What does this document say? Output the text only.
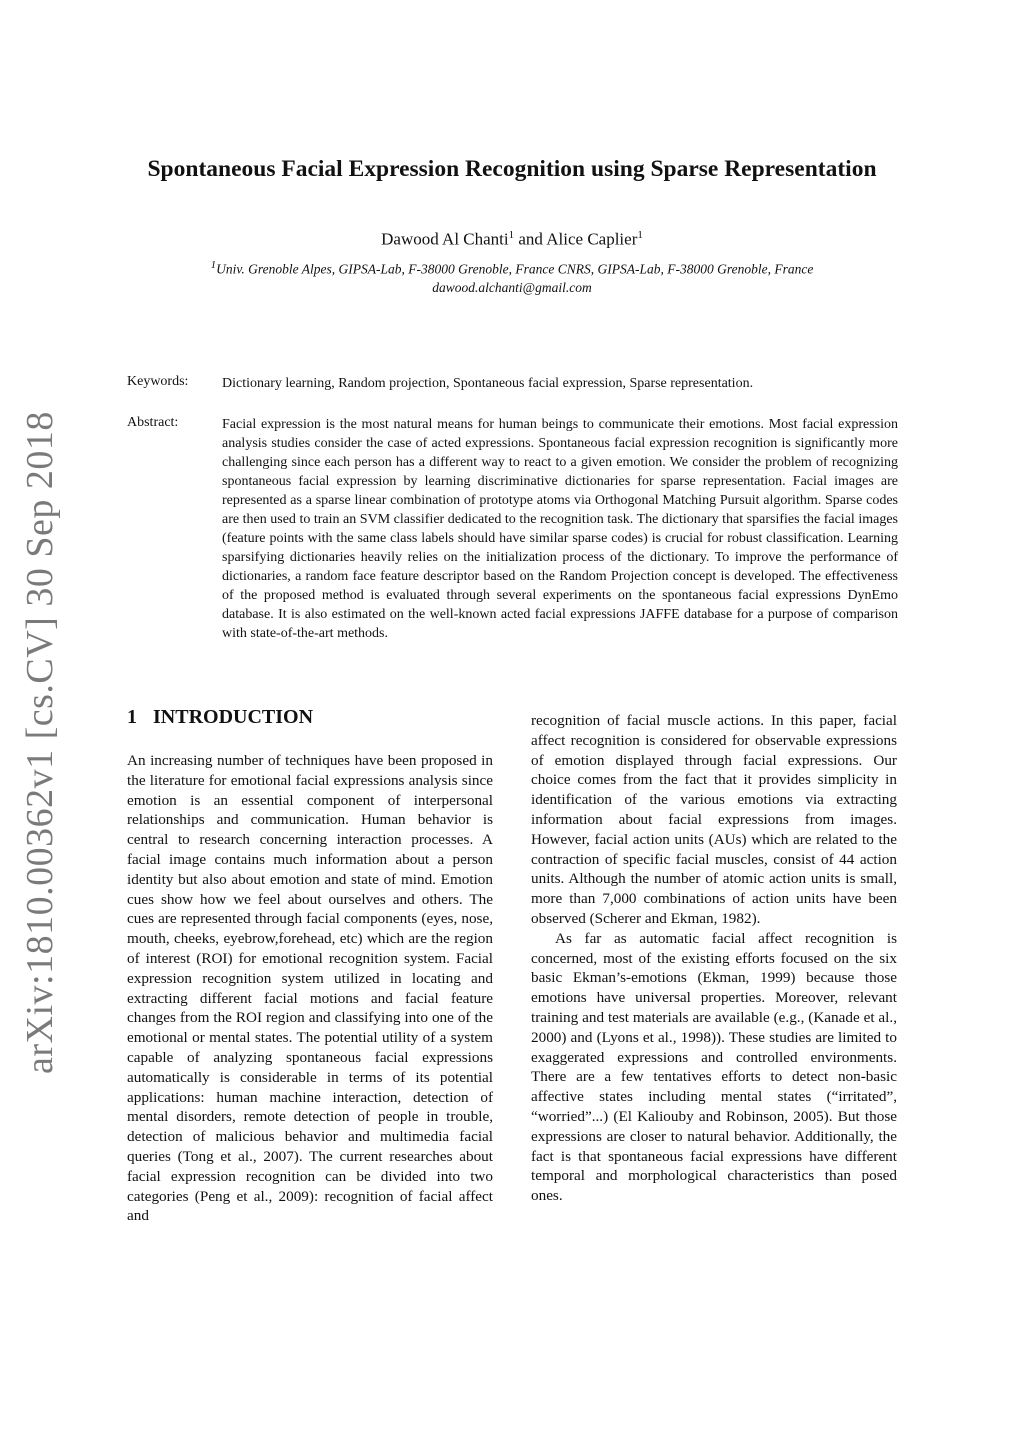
arXiv:1810.00362v1 [cs.CV] 30 Sep 2018
Spontaneous Facial Expression Recognition using Sparse Representation
Dawood Al Chanti$^1$ and Alice Caplier$^1$
$^1$Univ. Grenoble Alpes, GIPSA-Lab, F-38000 Grenoble, France CNRS, GIPSA-Lab, F-38000 Grenoble, France
dawood.alchanti@gmail.com
Keywords: Dictionary learning, Random projection, Spontaneous facial expression, Sparse representation.
Abstract:	Facial expression is the most natural means for human beings to communicate their emotions. Most facial expression analysis studies consider the case of acted expressions. Spontaneous facial expression recognition is significantly more challenging since each person has a different way to react to a given emotion. We consider the problem of recognizing spontaneous facial expression by learning discriminative dictionaries for sparse representation. Facial images are represented as a sparse linear combination of prototype atoms via Orthogonal Matching Pursuit algorithm. Sparse codes are then used to train an SVM classifier dedicated to the recognition task. The dictionary that sparsifies the facial images (feature points with the same class labels should have similar sparse codes) is crucial for robust classification. Learning sparsifying dictionaries heavily relies on the initialization process of the dictionary. To improve the performance of dictionaries, a random face feature descriptor based on the Random Projection concept is developed. The effectiveness of the proposed method is evaluated through several experiments on the spontaneous facial expressions DynEmo database. It is also estimated on the well-known acted facial expressions JAFFE database for a purpose of comparison with state-of-the-art methods.
1 INTRODUCTION

An increasing number of techniques have been proposed in the literature for emotional facial expressions analysis since emotion is an essential component of interpersonal relationships and communication. Human behavior is central to research concerning interaction processes. A facial image contains much information about a person identity but also about emotion and state of mind. Emotion cues show how we feel about ourselves and others. The cues are represented through facial components (eyes, nose, mouth, cheeks, eyebrow,forehead, etc) which are the region of interest (ROI) for emotional recognition system. Facial expression recognition system utilized in locating and extracting different facial motions and facial feature changes from the ROI region and classifying into one of the emotional or mental states. The potential utility of a system capable of analyzing spontaneous facial expressions automatically is considerable in terms of its potential applications: human machine interaction, detection of mental disorders, remote detection of people in trouble, detection of malicious behavior and multimedia facial queries (Tong et al., 2007). The current researches about facial expression recognition can be divided into two categories (Peng et al., 2009): recognition of facial affect and

recognition of facial muscle actions. In this paper, facial affect recognition is considered for observable expressions of emotion displayed through facial expressions. Our choice comes from the fact that it provides simplicity in identification of the various emotions via extracting information about facial expressions from images. However, facial action units (AUs) which are related to the contraction of specific facial muscles, consist of 44 action units. Although the number of atomic action units is small, more than 7,000 combinations of action units have been observed (Scherer and Ekman, 1982).

As far as automatic facial affect recognition is concerned, most of the existing efforts focused on the six basic Ekman’s-emotions (Ekman, 1999) because those emotions have universal properties. Moreover, relevant training and test materials are available (e.g., (Kanade et al., 2000) and (Lyons et al., 1998)). These studies are limited to exaggerated expressions and controlled environments. There are a few tentatives efforts to detect non-basic affective states including mental states (“irritated”, “worried”...) (El Kaliouby and Robinson, 2005). But those expressions are closer to natural behavior. Additionally, the fact is that spontaneous facial expressions have different temporal and morphological characteristics than posed ones.
